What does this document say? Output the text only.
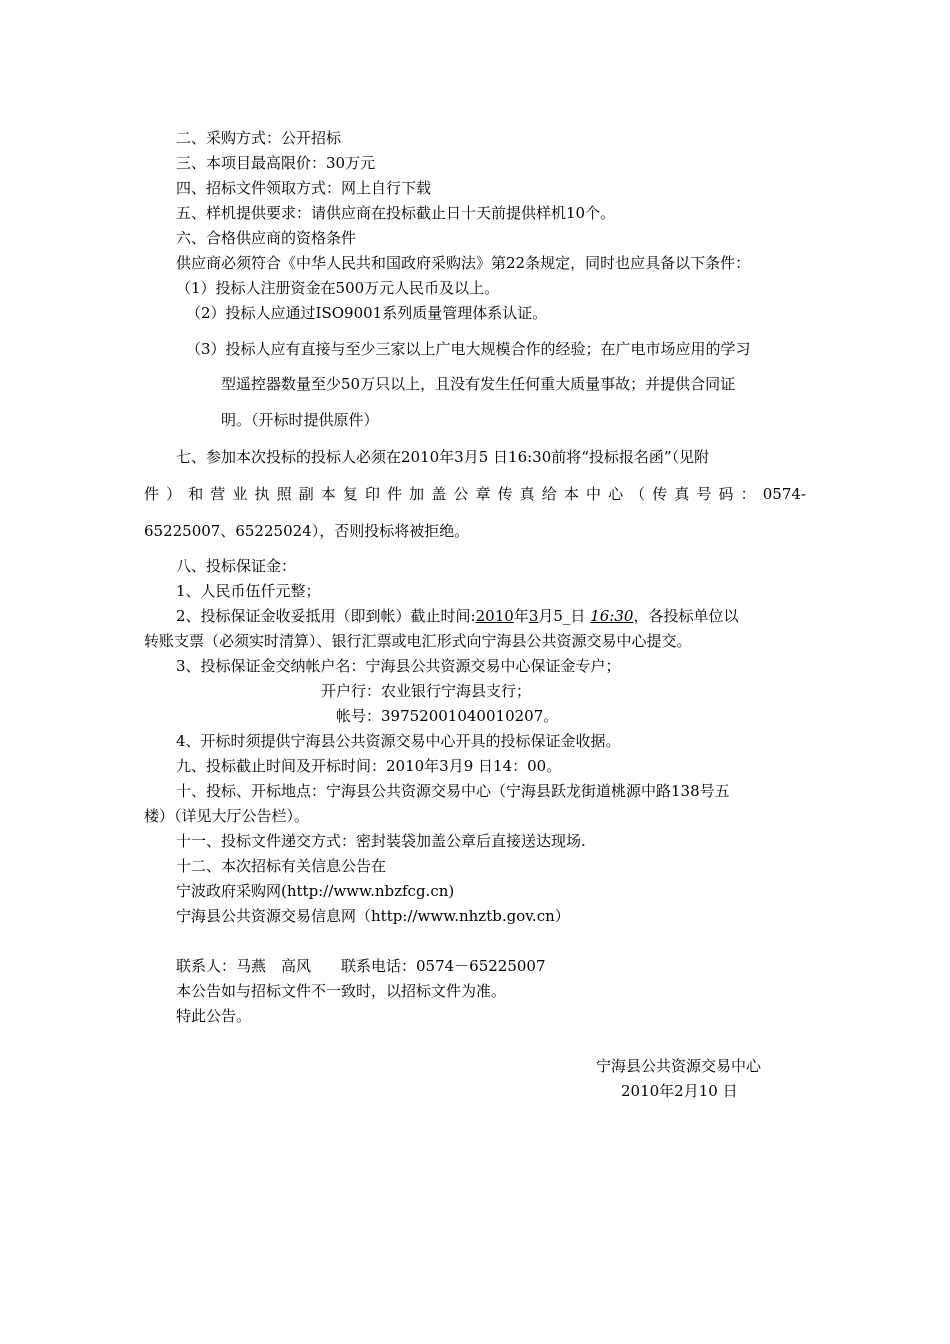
二、采购方式：公开招标

三、本项目最高限价：30万元

四、招标文件领取方式：网上自行下载

五、样机提供要求：请供应商在投标截止日十天前提供样机10个。

六、合格供应商的资格条件

供应商必须符合《中华人民共和国政府采购法》第22条规定，同时也应具备以下条件：

（1）投标人注册资金在500万元人民币及以上。

（2）投标人应通过ISO9001系列质量管理体系认证。

（3）投标人应有直接与至少三家以上广电大规模合作的经验；在广电市场应用的学习

型遥控器数量至少50万只以上，且没有发生任何重大质量事故；并提供合同证

明。（开标时提供原件）

七、参加本次投标的投标人必须在2010年3月5 日16:30前将“投标报名函”（见附

件）和营业执照副本复印件加盖公章传真给本中心（传真号码：0574-

65225007、65225024），否则投标将被拒绝。

八、投标保证金：

1、人民币伍仟元整；

2、投标保证金收妥抵用（即到帐）截止时间:2010年3月5_日 16:30，各投标单位以

转账支票（必须实时清算）、银行汇票或电汇形式向宁海县公共资源交易中心提交。

3、投标保证金交纳帐户名：宁海县公共资源交易中心保证金专户；

开户行：农业银行宁海县支行；

帐号：39752001040010207。

4、开标时须提供宁海县公共资源交易中心开具的投标保证金收据。

九、投标截止时间及开标时间：2010年3月9 日14：00。

十、投标、开标地点：宁海县公共资源交易中心（宁海县跃龙街道桃源中路138号五

楼）（详见大厅公告栏）。

十一、投标文件递交方式：密封装袋加盖公章后直接送达现场.

十二、本次招标有关信息公告在

宁波政府采购网(http://www.nbzfcg.cn)

宁海县公共资源交易信息网（http://www.nhztb.gov.cn）

联系人：马燕　高风　　联系电话：0574－65225007

本公告如与招标文件不一致时，以招标文件为准。

特此公告。

宁海县公共资源交易中心

2010年2月10 日
